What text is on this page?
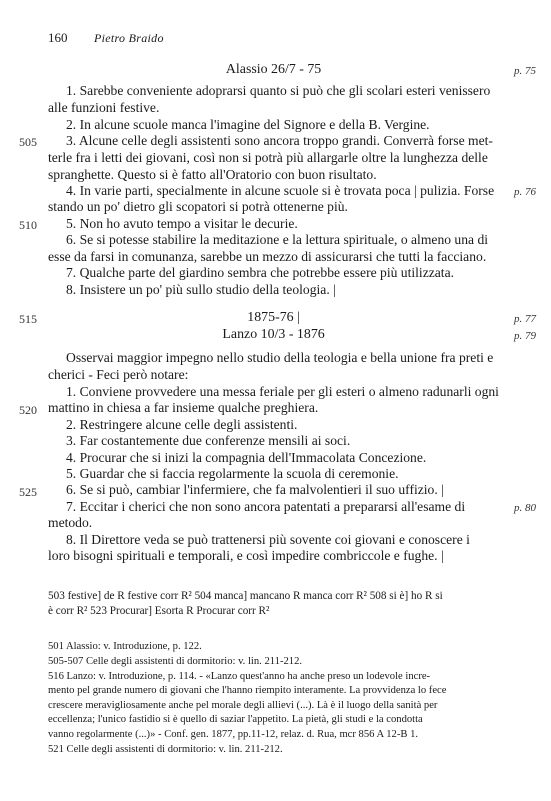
160 Pietro Braido
Alassio 26/7 - 75	p. 75
1. Sarebbe conveniente adoprarsi quanto si può che gli scolari esteri venissero
alle funzioni festive.
2. In alcune scuole manca l'imagine del Signore e della B. Vergine.
3. Alcune celle degli assistenti sono ancora troppo grandi. Converrà forse met-
terle fra i letti dei giovani, così non si potrà più allargarle oltre la lunghezza delle
spranghette. Questo si è fatto all'Oratorio con buon risultato.
4. In varie parti, specialmente in alcune scuole si è trovata poca | pulizia. Forse
stando un po' dietro gli scopatori si potrà ottenerne più.
5. Non ho avuto tempo a visitar le decurie.
6. Se si potesse stabilire la meditazione e la lettura spirituale, o almeno una di
esse da farsi in comunanza, sarebbe un mezzo di assicurarsi che tutti la facciano.
7. Qualche parte del giardino sembra che potrebbe essere più utilizzata.
8. Insistere un po' più sullo studio della teologia. |
505
510
p. 76
1875-76 |
Lanzo 10/3 - 1876
515	p. 77
p. 79
Osservai maggior impegno nello studio della teologia e bella unione fra preti e
cherici - Feci però notare:
1. Conviene provvedere una messa feriale per gli esteri o almeno radunarli ogni
mattino in chiesa a far insieme qualche preghiera.
2. Restringere alcune celle degli assistenti.
3. Far costantemente due conferenze mensili ai soci.
4. Procurar che si inizi la compagnia dell'Immacolata Concezione.
5. Guardar che si faccia regolarmente la scuola di ceremonie.
6. Se si può, cambiar l'infermiere, che fa malvolentieri il suo uffizio. |
7. Eccitar i cherici che non sono ancora patentati a prepararsi all'esame di
metodo.
8. Il Direttore veda se può trattenersi più sovente coi giovani e conoscere i
loro bisogni spirituali e temporali, e così impedire combriccole e fughe. |
520
525
p. 80
503 festive] de R festive corr R² 504 manca] mancano R manca corr R² 508 si è] ho R si
è corr R² 523 Procurar] Esorta R Procurar corr R²
501 Alassio: v. Introduzione, p. 122.
505-507 Celle degli assistenti di dormitorio: v. lin. 211-212.
516 Lanzo: v. Introduzione, p. 114. - «Lanzo quest'anno ha anche preso un lodevole incre-
mento pel grande numero di giovani che l'hanno riempito interamente. La provvidenza lo fece
crescere meravigliosamente anche pel morale degli allievi (...). Là è il luogo della sanità per
eccellenza; l'unico fastidio si è quello di saziar l'appetito. La pietà, gli studi e la condotta
vanno regolarmente (...)» - Conf. gen. 1877, pp.11-12, relaz. d. Rua, mcr 856 A 12-B 1.
521 Celle degli assistenti di dormitorio: v. lin. 211-212.
